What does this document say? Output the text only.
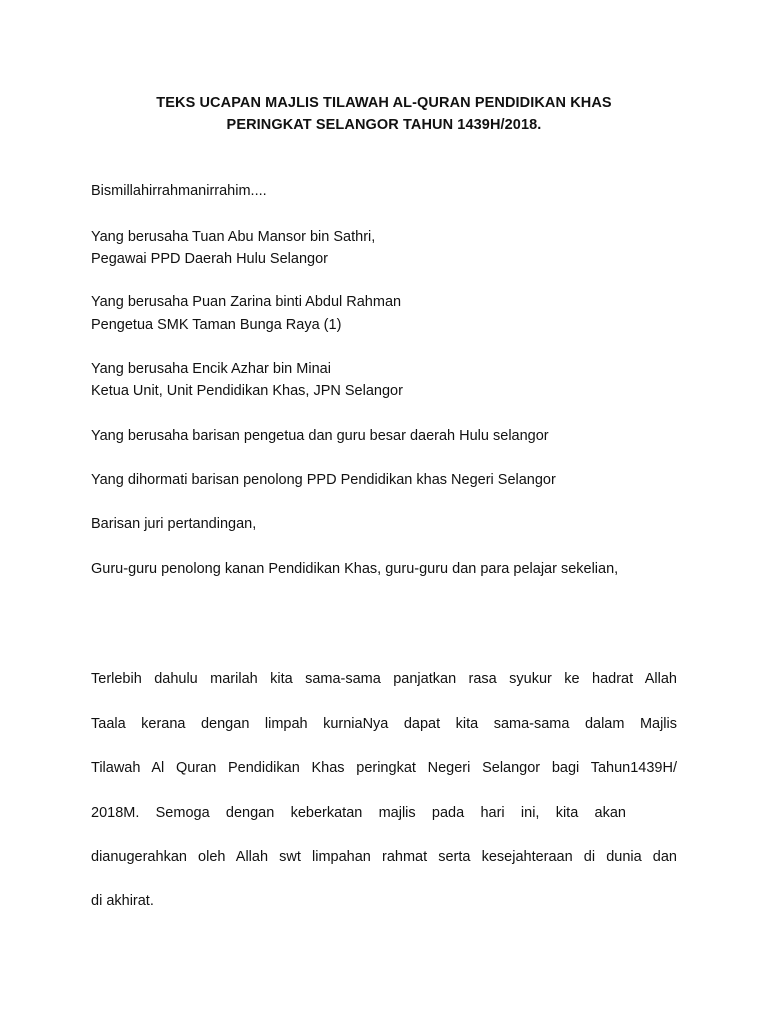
TEKS UCAPAN MAJLIS TILAWAH AL-QURAN PENDIDIKAN KHAS
PERINGKAT SELANGOR TAHUN 1439H/2018.
Bismillahirrahmanirrahim....
Yang berusaha Tuan Abu Mansor bin Sathri,
Pegawai PPD Daerah Hulu Selangor
Yang berusaha Puan Zarina binti Abdul Rahman
Pengetua SMK Taman Bunga Raya (1)
Yang berusaha Encik Azhar bin Minai
Ketua Unit, Unit Pendidikan Khas, JPN Selangor
Yang berusaha barisan pengetua dan guru besar daerah Hulu selangor
Yang dihormati barisan penolong PPD Pendidikan khas Negeri Selangor
Barisan juri pertandingan,
Guru-guru penolong kanan Pendidikan Khas, guru-guru dan para pelajar sekelian,
Terlebih dahulu marilah kita sama-sama panjatkan rasa syukur ke hadrat Allah
Taala kerana dengan limpah kurniaNya dapat kita sama-sama dalam Majlis
Tilawah Al Quran Pendidikan Khas peringkat Negeri Selangor bagi Tahun1439H/
2018M. Semoga dengan keberkatan majlis pada hari ini, kita akan
dianugerahkan oleh Allah swt limpahan rahmat serta kesejahteraan di dunia dan
di akhirat.
